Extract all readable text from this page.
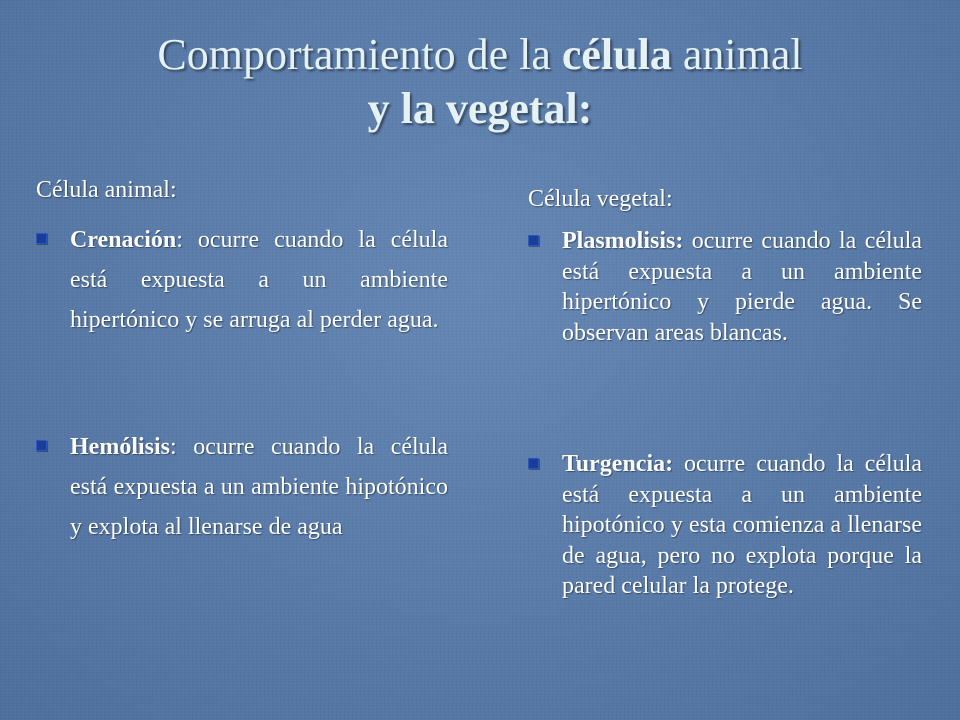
Comportamiento de la célula animal
y la vegetal:
Célula animal:
Crenación: ocurre cuando la célula está expuesta a un ambiente hipertónico y se arruga al perder agua.
Hemólisis: ocurre cuando la célula está expuesta a un ambiente hipotónico y explota al llenarse de agua
Célula vegetal:
Plasmolisis: ocurre cuando la célula está expuesta a un ambiente hipertónico y pierde agua. Se observan areas blancas.
Turgencia: ocurre cuando la célula está expuesta a un ambiente hipotónico y esta comienza a llenarse de agua, pero no explota porque la pared celular la protege.
